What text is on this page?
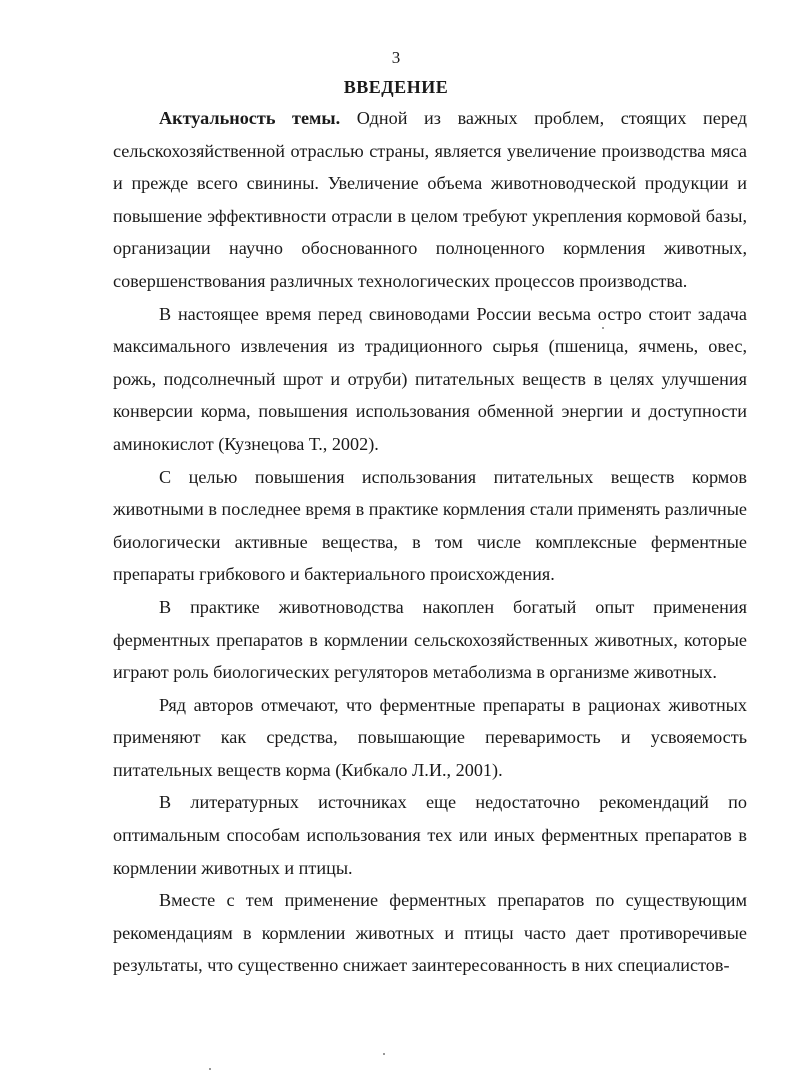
3
ВВЕДЕНИЕ

Актуальность темы. Одной из важных проблем, стоящих перед сельскохозяйственной отраслью страны, является увеличение производства мяса и прежде всего свинины. Увеличение объема животноводческой продукции и повышение эффективности отрасли в целом требуют укрепления кормовой базы, организации научно обоснованного полноценного кормления животных, совершенствования различных технологических процессов производства.

В настоящее время перед свиноводами России весьма остро стоит задача максимального извлечения из традиционного сырья (пшеница, ячмень, овес, рожь, подсолнечный шрот и отруби) питательных веществ в целях улучшения конверсии корма, повышения использования обменной энергии и доступности аминокислот (Кузнецова Т., 2002).

С целью повышения использования питательных веществ кормов животными в последнее время в практике кормления стали применять различные биологически активные вещества, в том числе комплексные ферментные препараты грибкового и бактериального происхождения.

В практике животноводства накоплен богатый опыт применения ферментных препаратов в кормлении сельскохозяйственных животных, которые играют роль биологических регуляторов метаболизма в организме животных.

Ряд авторов отмечают, что ферментные препараты в рационах животных применяют как средства, повышающие переваримость и усвояемость питательных веществ корма (Кибкало Л.И., 2001).

В литературных источниках еще недостаточно рекомендаций по оптимальным способам использования тех или иных ферментных препаратов в кормлении животных и птицы.

Вместе с тем применение ферментных препаратов по существующим рекомендациям в кормлении животных и птицы часто дает противоречивые результаты, что существенно снижает заинтересованность в них специалистов-
